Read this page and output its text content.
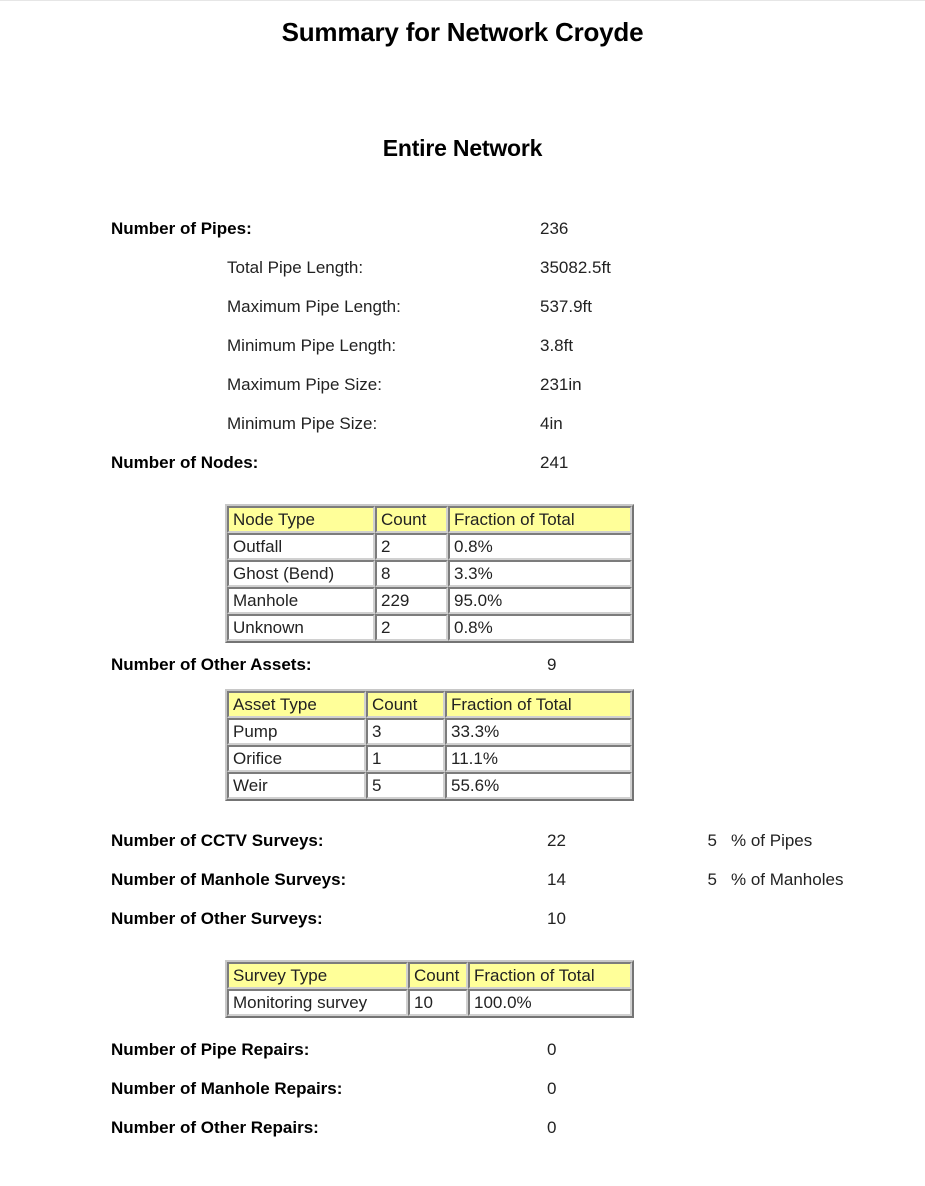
Summary for Network Croyde
Entire Network
Number of Pipes:	236
Total Pipe Length:	35082.5ft
Maximum Pipe Length:	537.9ft
Minimum Pipe Length:	3.8ft
Maximum Pipe Size:	231in
Minimum Pipe Size:	4in
Number of Nodes:	241
Node Type	Count	Fraction of Total
Outfall	2	0.8%
Ghost (Bend)	8	3.3%
Manhole	229	95.0%
Unknown	2	0.8%
Number of Other Assets:	9
Asset Type	Count	Fraction of Total
Pump	3	33.3%
Orifice	1	11.1%
Weir	5	55.6%
Number of CCTV Surveys:	22	5 % of Pipes
Number of Manhole Surveys:	14	5 % of Manholes
Number of Other Surveys:	10
Survey Type	Count	Fraction of Total
Monitoring survey	10	100.0%
Number of Pipe Repairs:	0
Number of Manhole Repairs:	0
Number of Other Repairs:	0
